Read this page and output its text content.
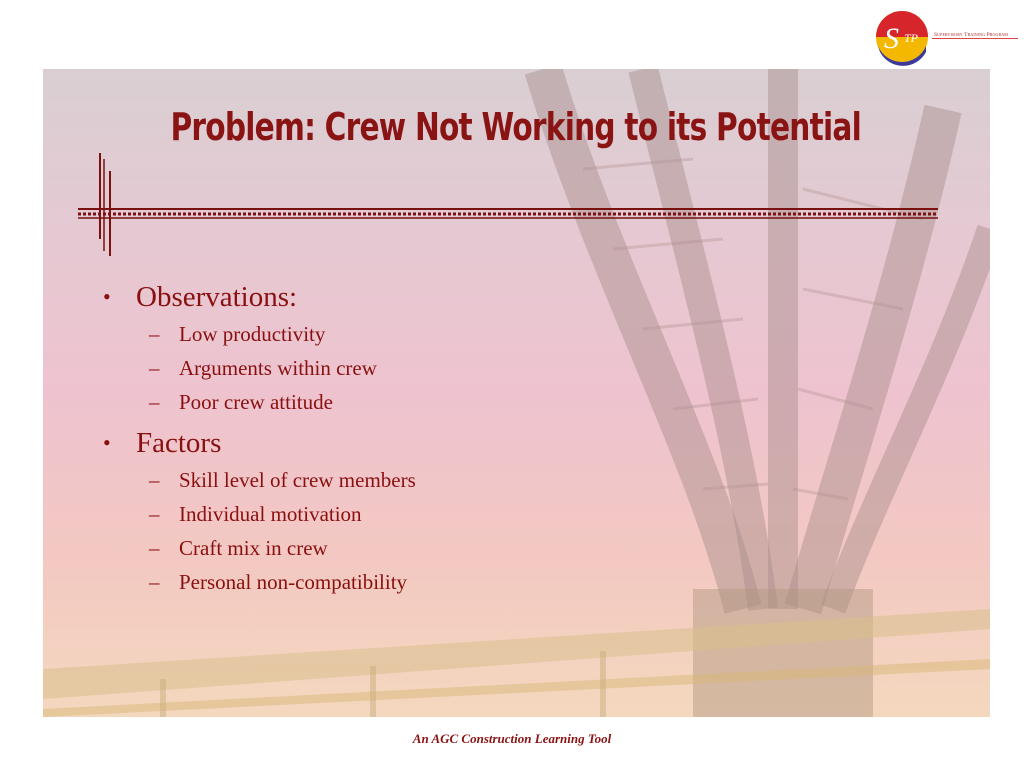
S TP	Supervisory Training Program
Problem: Crew Not Working to its Potential
• Observations:
– Low productivity
– Arguments within crew
– Poor crew attitude
• Factors
– Skill level of crew members
– Individual motivation
– Craft mix in crew
– Personal non-compatibility
An AGC Construction Learning Tool
